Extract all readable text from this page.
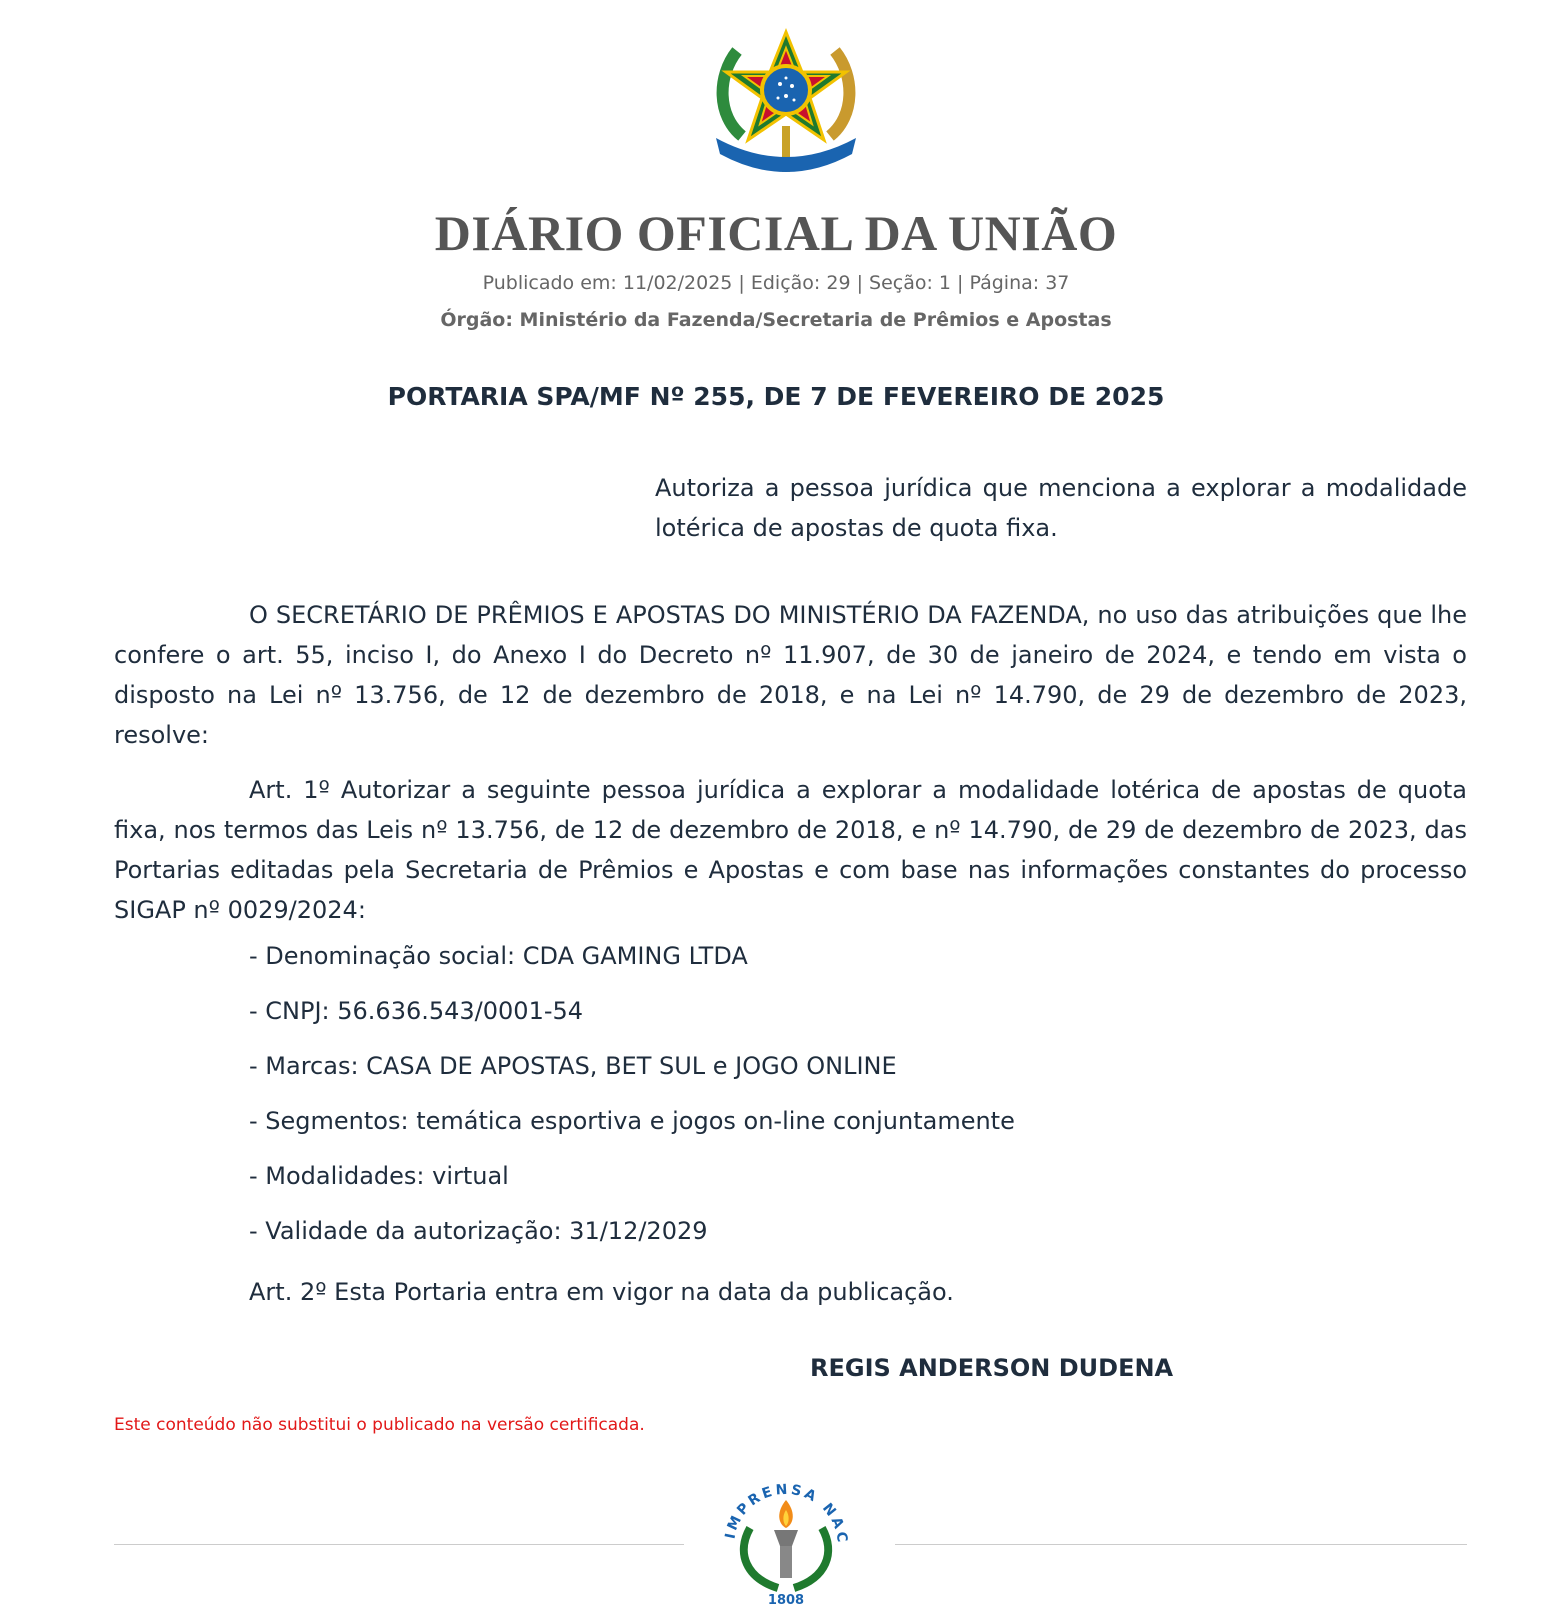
DIÁRIO OFICIAL DA UNIÃO
Publicado em: 11/02/2025 | Edição: 29 | Seção: 1 | Página: 37
Órgão: Ministério da Fazenda/Secretaria de Prêmios e Apostas
PORTARIA SPA/MF Nº 255, DE 7 DE FEVEREIRO DE 2025
Autoriza a pessoa jurídica que menciona a explorar a modalidade lotérica de apostas de quota fixa.

O SECRETÁRIO DE PRÊMIOS E APOSTAS DO MINISTÉRIO DA FAZENDA, no uso das atribuições que lhe confere o art. 55, inciso I, do Anexo I do Decreto nº 11.907, de 30 de janeiro de 2024, e tendo em vista o disposto na Lei nº 13.756, de 12 de dezembro de 2018, e na Lei nº 14.790, de 29 de dezembro de 2023, resolve:

Art. 1º Autorizar a seguinte pessoa jurídica a explorar a modalidade lotérica de apostas de quota fixa, nos termos das Leis nº 13.756, de 12 de dezembro de 2018, e nº 14.790, de 29 de dezembro de 2023, das Portarias editadas pela Secretaria de Prêmios e Apostas e com base nas informações constantes do processo SIGAP nº 0029/2024:

- Denominação social: CDA GAMING LTDA
- CNPJ: 56.636.543/0001-54
- Marcas: CASA DE APOSTAS, BET SUL e JOGO ONLINE
- Segmentos: temática esportiva e jogos on-line conjuntamente
- Modalidades: virtual
- Validade da autorização: 31/12/2029
Art. 2º Esta Portaria entra em vigor na data da publicação.
REGIS ANDERSON DUDENA
Este conteúdo não substitui o publicado na versão certificada.
IMPRENSA NAC
1808
